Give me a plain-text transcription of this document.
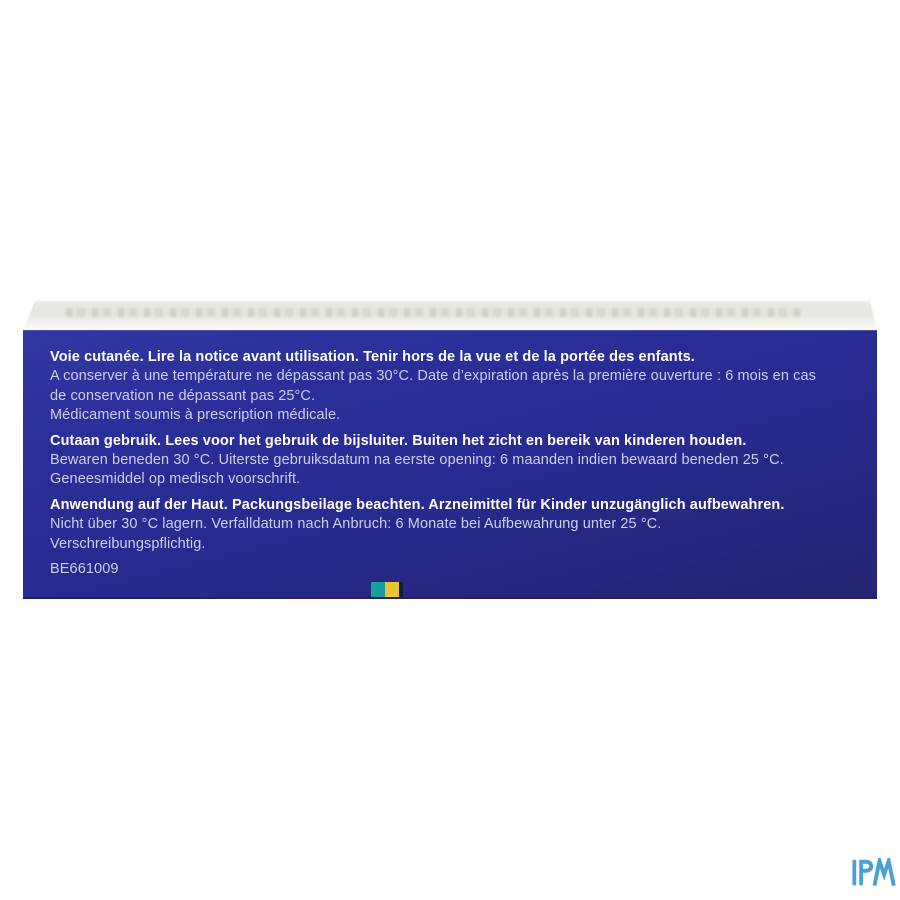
Voie cutanée. Lire la notice avant utilisation. Tenir hors de la vue et de la portée des enfants.

A conserver à une température ne dépassant pas 30°C. Date d’expiration après la première ouverture : 6 mois en cas

de conservation ne dépassant pas 25°C.

Médicament soumis à prescription médicale.

Cutaan gebruik. Lees voor het gebruik de bijsluiter. Buiten het zicht en bereik van kinderen houden.

Bewaren beneden 30 °C. Uiterste gebruiksdatum na eerste opening: 6 maanden indien bewaard beneden 25 °C.

Geneesmiddel op medisch voorschrift.

Anwendung auf der Haut. Packungsbeilage beachten. Arzneimittel für Kinder unzugänglich aufbewahren.

Nicht über 30 °C lagern. Verfalldatum nach Anbruch: 6 Monate bei Aufbewahrung unter 25 °C.

Verschreibungspflichtig.

BE661009
